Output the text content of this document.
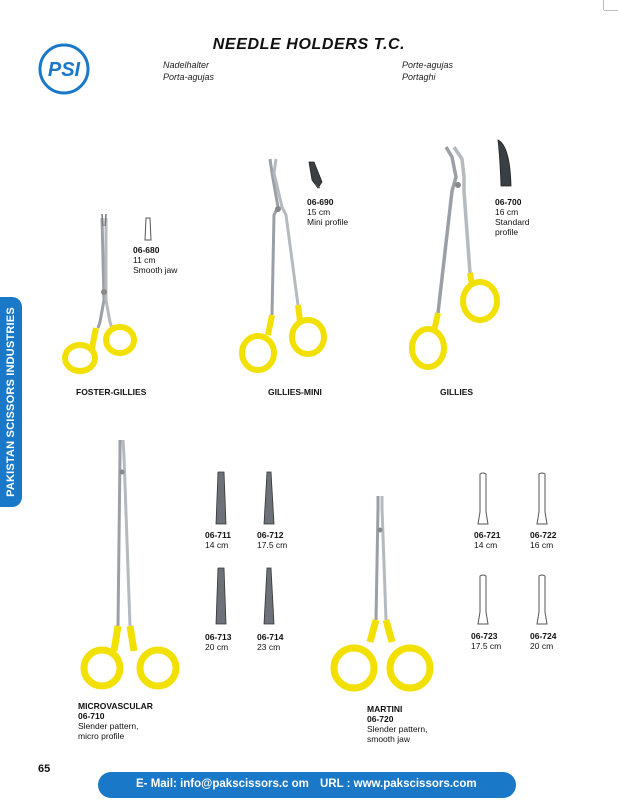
PSI
NEEDLE HOLDERS T.C.
Nadelhalter
Porta-agujas
Porte-agujas
Portaghi
PAKISTAN SCISSORS INDUSTRIES
06-680
11 cm
Smooth jaw
FOSTER-GILLIES
06-690
15 cm
Mini profile
GILLIES-MINI
06-700
16 cm
Standard
profile
GILLIES
06-711
14 cm
06-712
17.5 cm
06-713
20 cm
06-714
23 cm
MICROVASCULAR
06-710
Slender pattern,
micro profile
06-721
14 cm
06-722
16 cm
06-723
17.5 cm
06-724
20 cm
MARTINI
06-720
Slender pattern,
smooth jaw
65
E- Mail: info@pakscissors.c om URL : www.pakscissors.com
